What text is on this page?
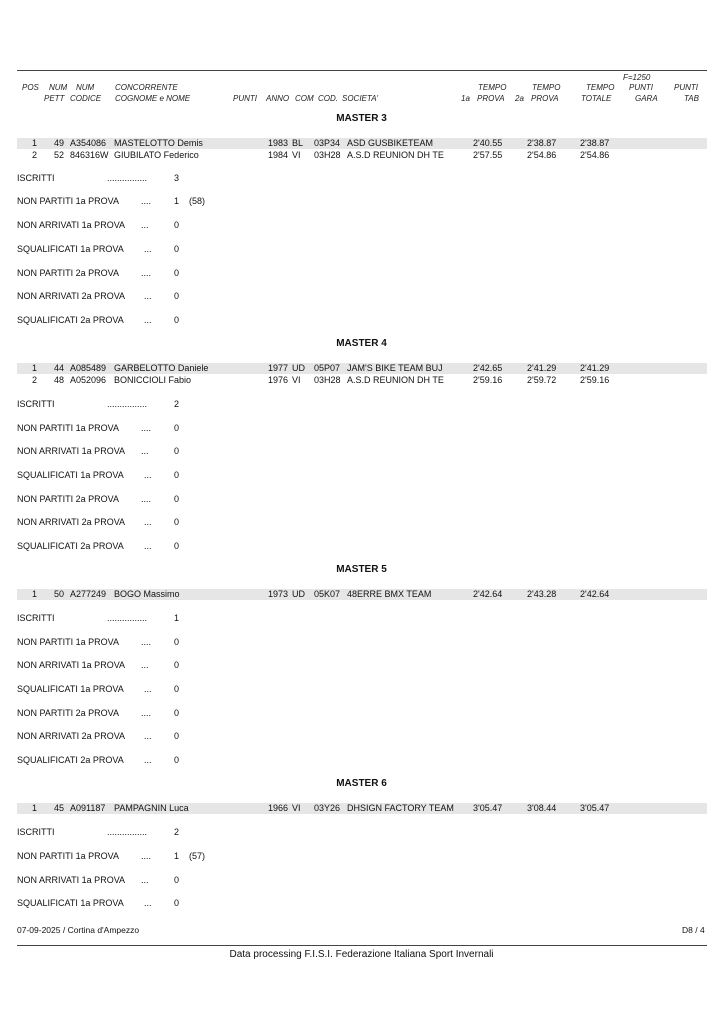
F=1250
POS NUM NUM	CONCORRENTE	TEMPO	TEMPO	TEMPO PUNTI	PUNTI
PETT CODICE COGNOME e NOME	PUNTI ANNO COM COD. SOCIETA'	1a PROVA 2a PROVA	TOTALE	GARA	TAB
MASTER 3
1 49 A354086 MASTELOTTO Demis	1983 BL 03P34 ASD GUSBIKETEAM	2'40.55	2'38.87	2'38.87
2 52 846316W GIUBILATO Federico	1984 VI 03H28 A.S.D REUNION DH TE	2'57.55	2'54.86	2'54.86
ISCRITTI	................	3
NON PARTITI 1a PROVA ....	1 (58)
NON ARRIVATI 1a PROVA ...	0
SQUALIFICATI 1a PROVA ... 0
NON PARTITI 2a PROVA ....	0
NON ARRIVATI 2a PROVA ... 0
SQUALIFICATI 2a PROVA ... 0
MASTER 4
1 44 A085489 GARBELOTTO Daniele	1977 UD 05P07 JAM'S BIKE TEAM BUJ	2'42.65	2'41.29	2'41.29
2 48 A052096 BONICCIOLI Fabio	1976 VI 03H28 A.S.D REUNION DH TE	2'59.16	2'59.72	2'59.16
ISCRITTI	................	2
NON PARTITI 1a PROVA ....	0
NON ARRIVATI 1a PROVA ...	0
SQUALIFICATI 1a PROVA ... 0
NON PARTITI 2a PROVA ....	0
NON ARRIVATI 2a PROVA ... 0
SQUALIFICATI 2a PROVA ... 0
MASTER 5
1 50 A277249 BOGO Massimo	1973 UD 05K07 48ERRE BMX TEAM	2'42.64	2'43.28	2'42.64
ISCRITTI	................	1
NON PARTITI 1a PROVA ....	0
NON ARRIVATI 1a PROVA ...	0
SQUALIFICATI 1a PROVA ... 0
NON PARTITI 2a PROVA ....	0
NON ARRIVATI 2a PROVA ... 0
SQUALIFICATI 2a PROVA ... 0
MASTER 6
1 45 A091187 PAMPAGNIN Luca	1966 VI 03Y26 DHSIGN FACTORY TEAM 3'05.47	3'08.44	3'05.47
ISCRITTI	................	2
NON PARTITI 1a PROVA ....	1 (57)
NON ARRIVATI 1a PROVA ...	0
SQUALIFICATI 1a PROVA ... 0
07-09-2025 / Cortina d'Ampezzo	D8 / 4
Data processing F.I.S.I. Federazione Italiana Sport Invernali
